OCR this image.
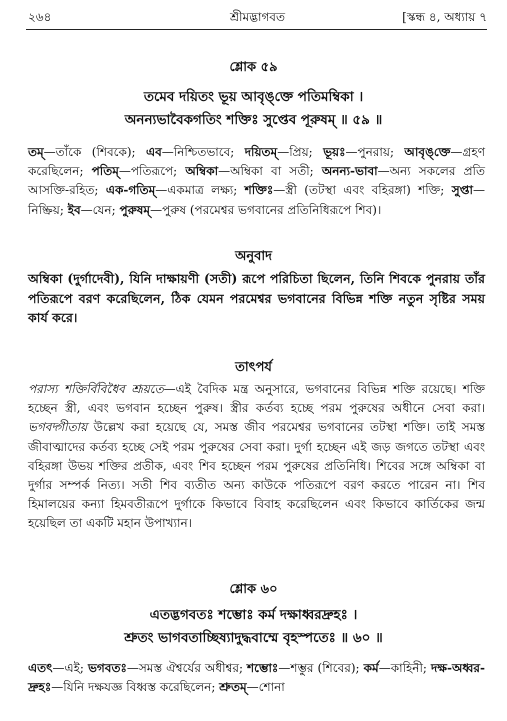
২৬৪	শ্রীমদ্ভাগবত	[স্কন্ধ ৪, অধ্যায় ৭
শ্লোক ৫৯
তমেব দয়িতং ভূয় আবৃঙ্‌ক্তে পতিমম্বিকা ।
অনন্যভাবৈকগতিং শক্তিঃ সুপ্তেব পূরুষম্‌ ॥ ৫৯ ॥
তম্‌—তাঁকে (শিবকে); এব—নিশ্চিতভাবে; দয়িতম্‌—প্রিয়; ভূয়ঃ—পুনরায়; আবৃঙ্‌ক্তে—গ্রহণ করেছিলেন; পতিম্‌—পতিরূপে; অম্বিকা—অম্বিকা বা সতী; অনন্য-ভাবা—অন্য সকলের প্রতি আসক্তি-রহিত; এক-গতিম্‌—একমাত্র লক্ষ্য; শক্তিঃ—স্ত্রী (তটস্থা এবং বহিরঙ্গা) শক্তি; সুপ্তা—নিষ্ক্রিয়; ইব—যেন; পুরুষম্‌—পুরুষ (পরমেশ্বর ভগবানের প্রতিনিধিরূপে শিব)।
অনুবাদ
অম্বিকা (দুর্গাদেবী), যিনি দাক্ষায়ণী (সতী) রূপে পরিচিতা ছিলেন, তিনি শিবকে পুনরায় তাঁর পতিরূপে বরণ করেছিলেন, ঠিক যেমন পরমেশ্বর ভগবানের বিভিন্ন শক্তি নতুন সৃষ্টির সময় কার্য করে।
তাৎপর্য
পরাস্য শক্তির্বিবিধৈব শ্রূয়তে—এই বৈদিক মন্ত্র অনুসারে, ভগবানের বিভিন্ন শক্তি রয়েছে। শক্তি হচ্ছেন স্ত্রী, এবং ভগবান হচ্ছেন পুরুষ। স্ত্রীর কর্তব্য হচ্ছে পরম পুরুষের অধীনে সেবা করা। ভগবদ্গীতায় উল্লেখ করা হয়েছে যে, সমস্ত জীব পরমেশ্বর ভগবানের তটস্থা শক্তি। তাই সমস্ত জীবাত্মাদের কর্তব্য হচ্ছে সেই পরম পুরুষের সেবা করা। দুর্গা হচ্ছেন এই জড় জগতে তটস্থা এবং বহিরঙ্গা উভয় শক্তির প্রতীক, এবং শিব হচ্ছেন পরম পুরুষের প্রতিনিধি। শিবের সঙ্গে অম্বিকা বা দুর্গার সম্পর্ক নিত্য। সতী শিব ব্যতীত অন্য কাউকে পতিরূপে বরণ করতে পারেন না। শিব হিমালয়ের কন্যা হিমবতীরূপে দুর্গাকে কিভাবে বিবাহ করেছিলেন এবং কিভাবে কার্তিকের জন্ম হয়েছিল তা একটি মহান উপাখ্যান।
শ্লোক ৬০
এতদ্ভগবতঃ শম্ভোঃ কর্ম দক্ষাধ্বরদ্রুহঃ ।
শ্রুতং ভাগবতাচ্ছিষ্যাদুদ্ধবাম্মে বৃহস্পতেঃ ॥ ৬০ ॥
এতৎ—এই; ভগবতঃ—সমস্ত ঐশ্বর্যের অধীশ্বর; শম্ভোঃ—শম্ভুর (শিবের); কর্ম—কাহিনী; দক্ষ-অধ্বর-দ্রুহঃ—যিনি দক্ষযজ্ঞ বিধ্বস্ত করেছিলেন; শ্রুতম্‌—শোনা
